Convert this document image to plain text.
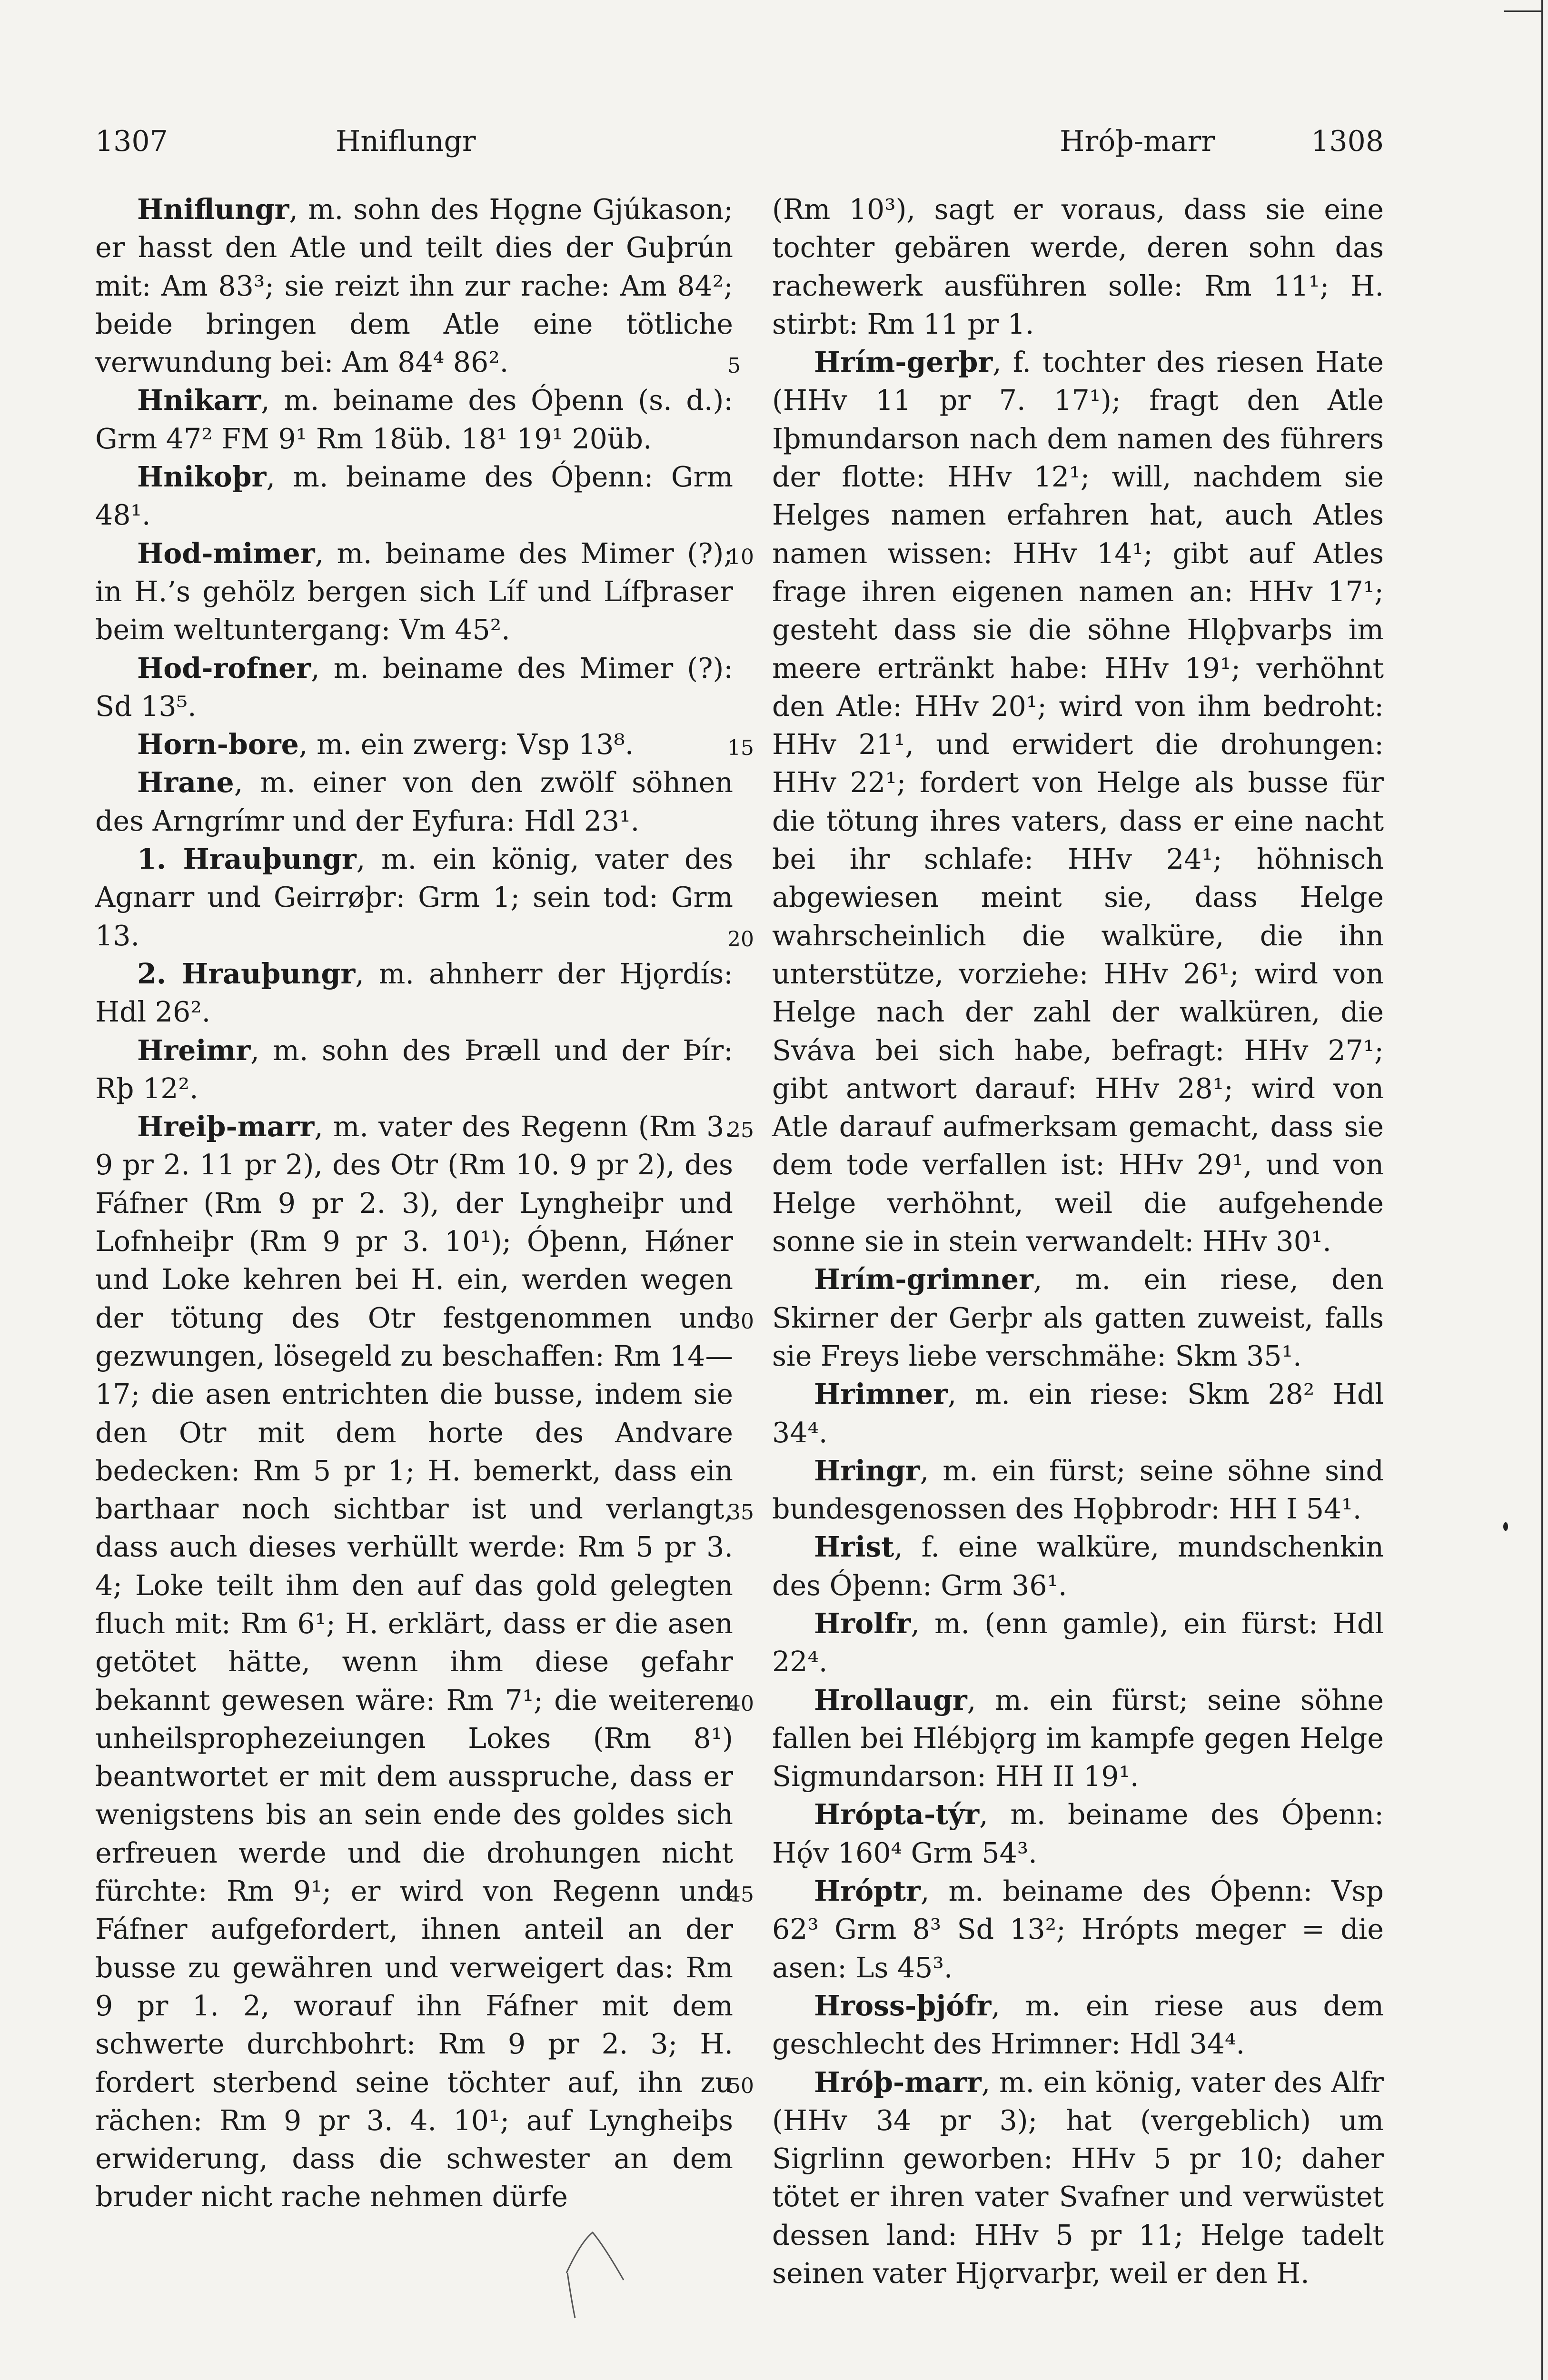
1307	Hniflungr	Hróþ-marr	1308

Hniflungr, m. sohn des Hǫgne Gjúkason; er hasst den Atle und teilt dies der Guþrún mit: Am 83³; sie reizt ihn zur rache: Am 84²; beide bringen dem Atle eine tötliche verwundung bei: Am 84⁴ 86².

Hnikarr, m. beiname des Óþenn (s. d.): Grm 47² FM 9¹ Rm 18üb. 18¹ 19¹ 20üb.

Hnikoþr, m. beiname des Óþenn: Grm 48¹.

Hod-mimer, m. beiname des Mimer (?); in H.’s gehölz bergen sich Líf und Lífþraser beim weltuntergang: Vm 45².

Hod-rofner, m. beiname des Mimer (?): Sd 13⁵.

Horn-bore, m. ein zwerg: Vsp 13⁸.

Hrane, m. einer von den zwölf söhnen des Arngrímr und der Eyfura: Hdl 23¹.

1. Hrauþungr, m. ein könig, vater des Agnarr und Geirrøþr: Grm 1; sein tod: Grm 13.

2. Hrauþungr, m. ahnherr der Hjǫrdís: Hdl 26².

Hreimr, m. sohn des Þræll und der Þír: Rþ 12².

Hreiþ-marr, m. vater des Regenn (Rm 3. 9 pr 2. 11 pr 2), des Otr (Rm 10. 9 pr 2), des Fáfner (Rm 9 pr 2. 3), der Lyngheiþr und Lofnheiþr (Rm 9 pr 3. 10¹); Óþenn, Hǿner und Loke kehren bei H. ein, werden wegen der tötung des Otr festgenommen und gezwungen, lösegeld zu beschaffen: Rm 14—17; die asen entrichten die busse, indem sie den Otr mit dem horte des Andvare bedecken: Rm 5 pr 1; H. bemerkt, dass ein barthaar noch sichtbar ist und verlangt, dass auch dieses verhüllt werde: Rm 5 pr 3. 4; Loke teilt ihm den auf das gold gelegten fluch mit: Rm 6¹; H. erklärt, dass er die asen getötet hätte, wenn ihm diese gefahr bekannt gewesen wäre: Rm 7¹; die weiteren unheilsprophezeiungen Lokes (Rm 8¹) beantwortet er mit dem ausspruche, dass er wenigstens bis an sein ende des goldes sich erfreuen werde und die drohungen nicht fürchte: Rm 9¹; er wird von Regenn und Fáfner aufgefordert, ihnen anteil an der busse zu gewähren und verweigert das: Rm 9 pr 1. 2, worauf ihn Fáfner mit dem schwerte durchbohrt: Rm 9 pr 2. 3; H. fordert sterbend seine töchter auf, ihn zu rächen: Rm 9 pr 3. 4. 10¹; auf Lyngheiþs erwiderung, dass die schwester an dem bruder nicht rache nehmen dürfe

5
10
15
20
25
30
35
40
45
50

(Rm 10³), sagt er voraus, dass sie eine tochter gebären werde, deren sohn das rachewerk ausführen solle: Rm 11¹; H. stirbt: Rm 11 pr 1.

Hrím-gerþr, f. tochter des riesen Hate (HHv 11 pr 7. 17¹); fragt den Atle Iþmundarson nach dem namen des führers der flotte: HHv 12¹; will, nachdem sie Helges namen erfahren hat, auch Atles namen wissen: HHv 14¹; gibt auf Atles frage ihren eigenen namen an: HHv 17¹; gesteht dass sie die söhne Hlǫþvarþs im meere ertränkt habe: HHv 19¹; verhöhnt den Atle: HHv 20¹; wird von ihm bedroht: HHv 21¹, und erwidert die drohungen: HHv 22¹; fordert von Helge als busse für die tötung ihres vaters, dass er eine nacht bei ihr schlafe: HHv 24¹; höhnisch abgewiesen meint sie, dass Helge wahrscheinlich die walküre, die ihn unterstütze, vorziehe: HHv 26¹; wird von Helge nach der zahl der walküren, die Sváva bei sich habe, befragt: HHv 27¹; gibt antwort darauf: HHv 28¹; wird von Atle darauf aufmerksam gemacht, dass sie dem tode verfallen ist: HHv 29¹, und von Helge verhöhnt, weil die aufgehende sonne sie in stein verwandelt: HHv 30¹.

Hrím-grimner, m. ein riese, den Skirner der Gerþr als gatten zuweist, falls sie Freys liebe verschmähe: Skm 35¹.

Hrimner, m. ein riese: Skm 28² Hdl 34⁴.

Hringr, m. ein fürst; seine söhne sind bundesgenossen des Hǫþbrodr: HH I 54¹.

Hrist, f. eine walküre, mundschenkin des Óþenn: Grm 36¹.

Hrolfr, m. (enn gamle), ein fürst: Hdl 22⁴.

Hrollaugr, m. ein fürst; seine söhne fallen bei Hlébjǫrg im kampfe gegen Helge Sigmundarson: HH II 19¹.

Hrópta-týr, m. beiname des Óþenn: Hǫ́v 160⁴ Grm 54³.

Hróptr, m. beiname des Óþenn: Vsp 62³ Grm 8³ Sd 13²; Hrópts meger = die asen: Ls 45³.

Hross-þjófr, m. ein riese aus dem geschlecht des Hrimner: Hdl 34⁴.

Hróþ-marr, m. ein könig, vater des Alfr (HHv 34 pr 3); hat (vergeblich) um Sigrlinn geworben: HHv 5 pr 10; daher tötet er ihren vater Svafner und verwüstet dessen land: HHv 5 pr 11; Helge tadelt seinen vater Hjǫrvarþr, weil er den H.
